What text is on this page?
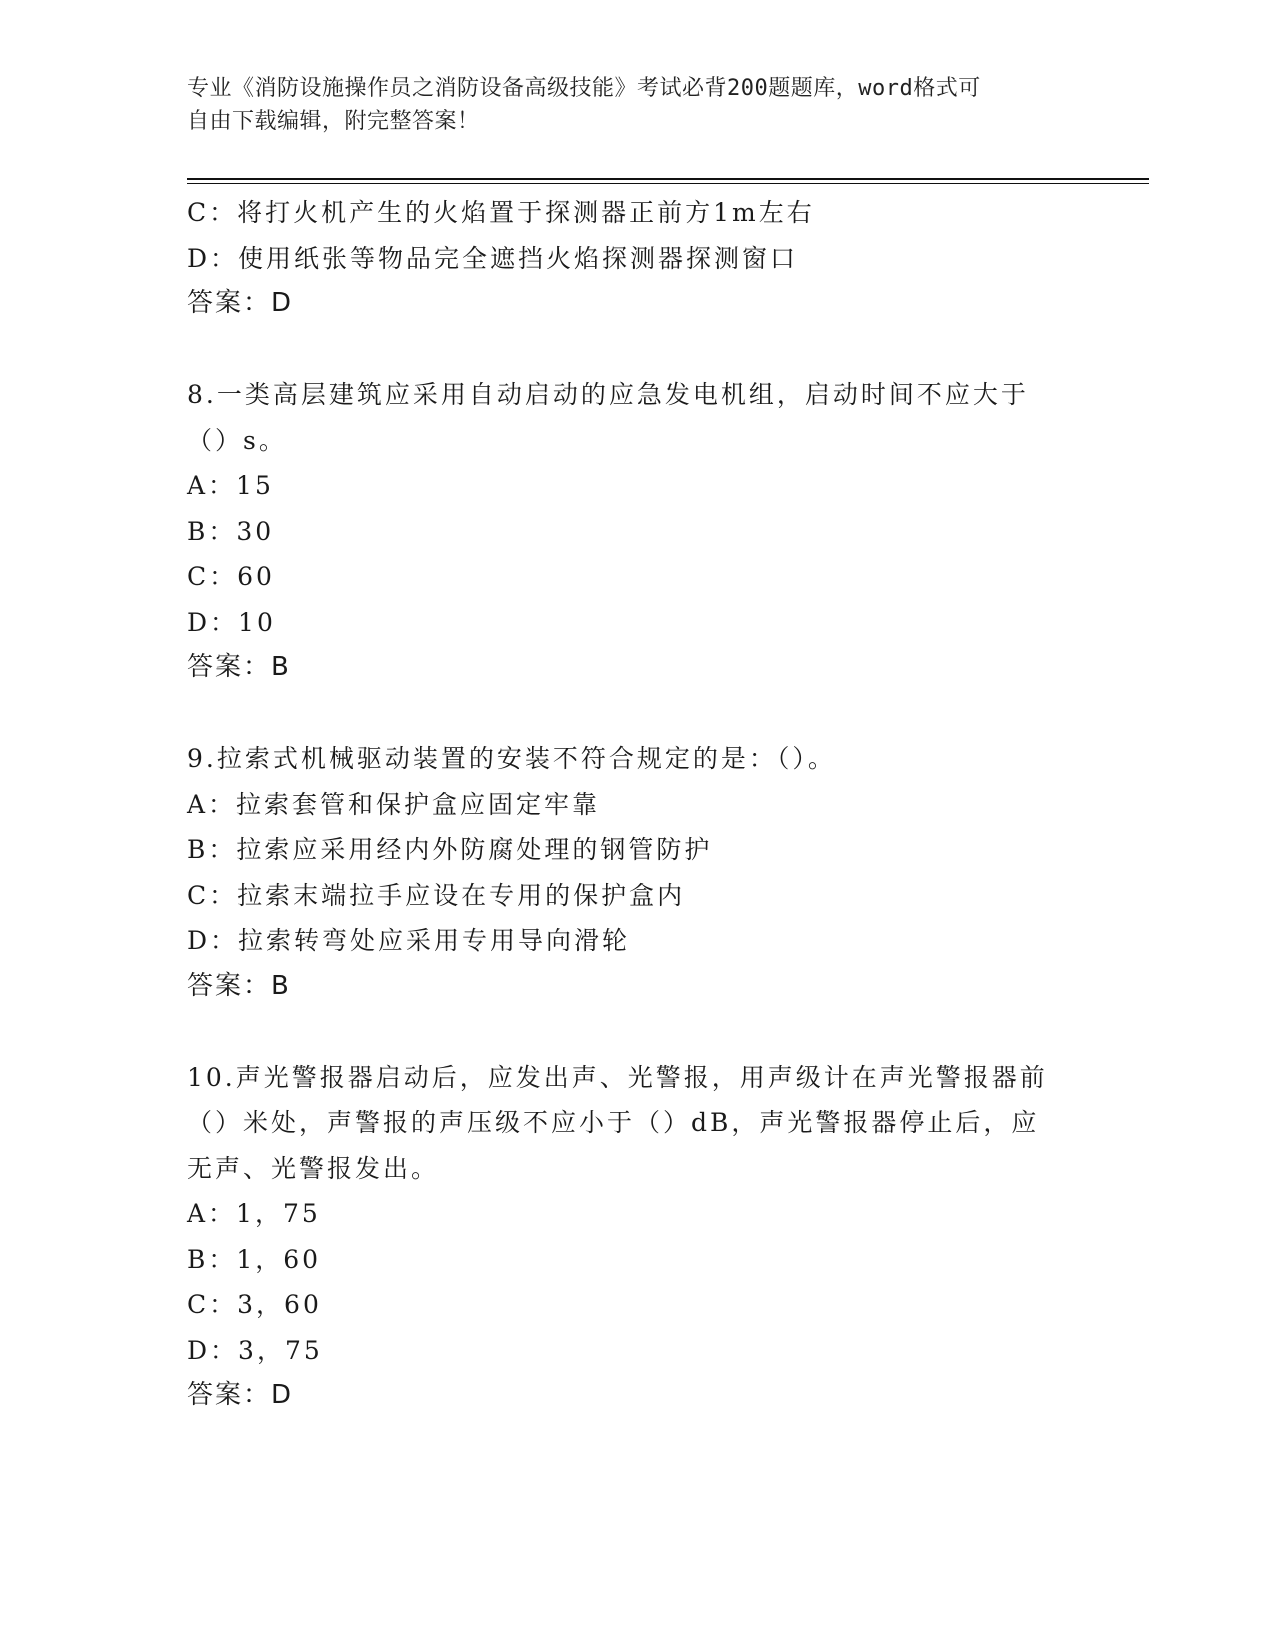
专业《消防设施操作员之消防设备高级技能》考试必背200题题库，word格式可
自由下载编辑，附完整答案！
C：将打火机产生的火焰置于探测器正前方1m左右
D：使用纸张等物品完全遮挡火焰探测器探测窗口
答案：D
8.一类高层建筑应采用自动启动的应急发电机组，启动时间不应大于
（）s。
A：15
B：30
C：60
D：10
答案：B
9.拉索式机械驱动装置的安装不符合规定的是：（）。
A：拉索套管和保护盒应固定牢靠
B：拉索应采用经内外防腐处理的钢管防护
C：拉索末端拉手应设在专用的保护盒内
D：拉索转弯处应采用专用导向滑轮
答案：B
10.声光警报器启动后，应发出声、光警报，用声级计在声光警报器前
（）米处，声警报的声压级不应小于（）dB，声光警报器停止后，应
无声、光警报发出。
A：1，75
B：1，60
C：3，60
D：3，75
答案：D
